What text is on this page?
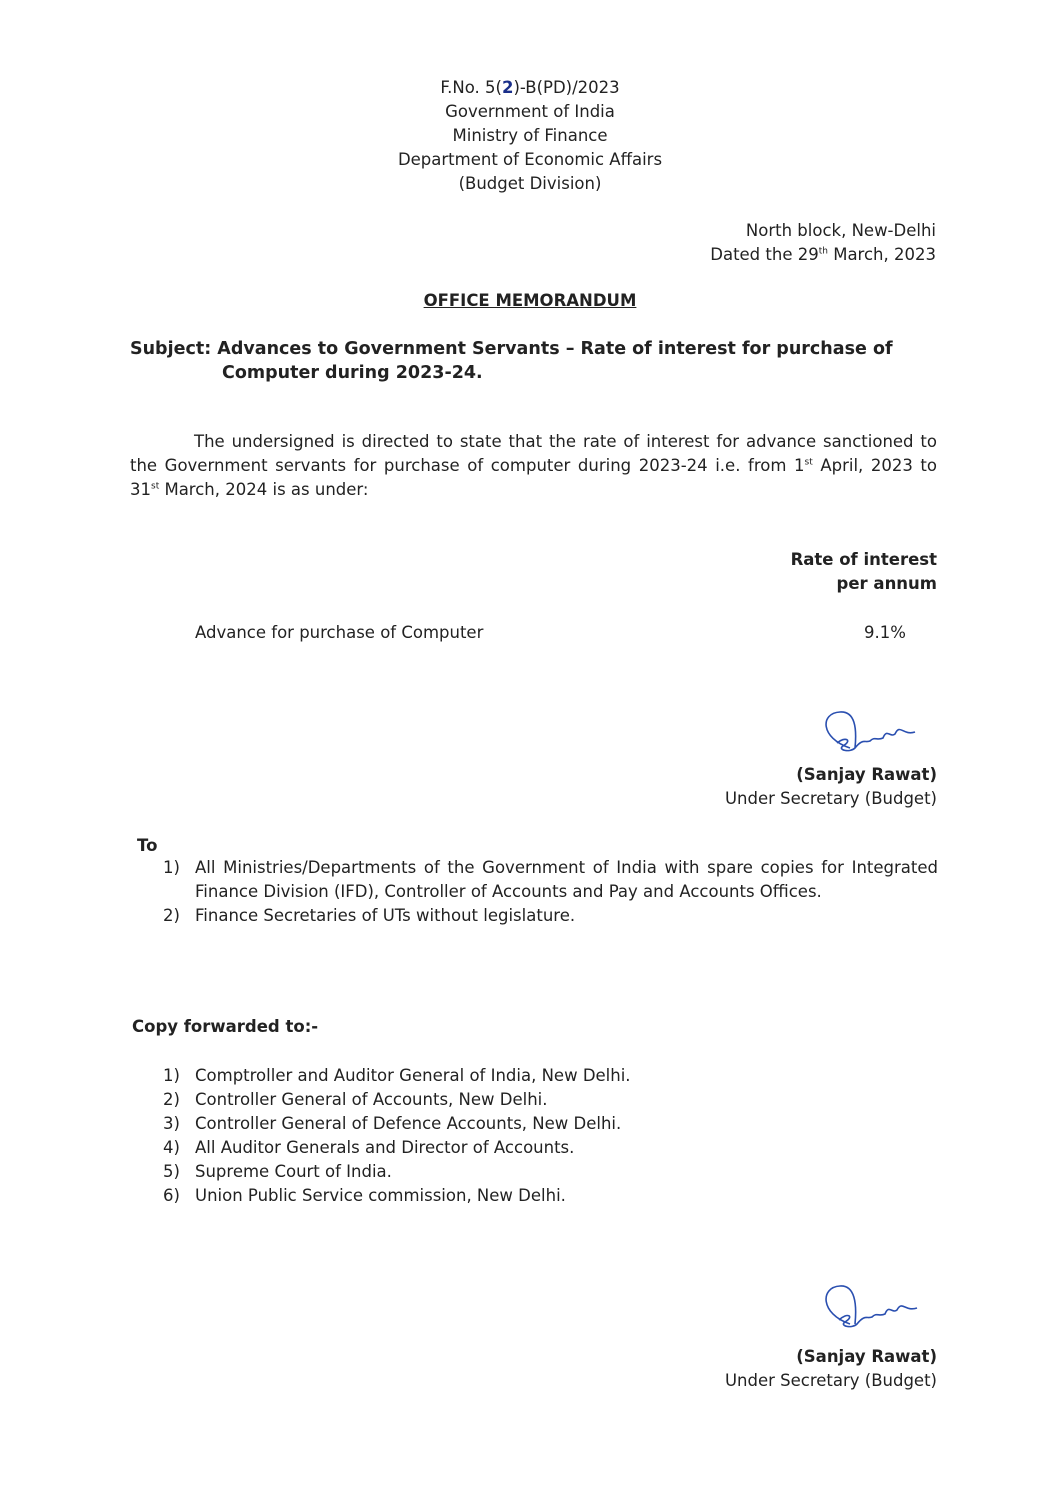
F.No. 5(2)-B(PD)/2023
Government of India
Ministry of Finance
Department of Economic Affairs
(Budget Division)
North block, New-Delhi
Dated the 29th March, 2023
OFFICE MEMORANDUM
Subject: Advances to Government Servants – Rate of interest for purchase of
Computer during 2023-24.
The undersigned is directed to state that the rate of interest for advance sanctioned to the Government servants for purchase of computer during 2023-24 i.e. from 1st April, 2023 to 31st March, 2024 is as under:
Rate of interest
per annum
Advance for purchase of Computer	9.1%
(Sanjay Rawat)
Under Secretary (Budget)
To
1) All Ministries/Departments of the Government of India with spare copies for Integrated Finance Division (IFD), Controller of Accounts and Pay and Accounts Offices.
2) Finance Secretaries of UTs without legislature.
Copy forwarded to:-
1) Comptroller and Auditor General of India, New Delhi.
2) Controller General of Accounts, New Delhi.
3) Controller General of Defence Accounts, New Delhi.
4) All Auditor Generals and Director of Accounts.
5) Supreme Court of India.
6) Union Public Service commission, New Delhi.
(Sanjay Rawat)
Under Secretary (Budget)
